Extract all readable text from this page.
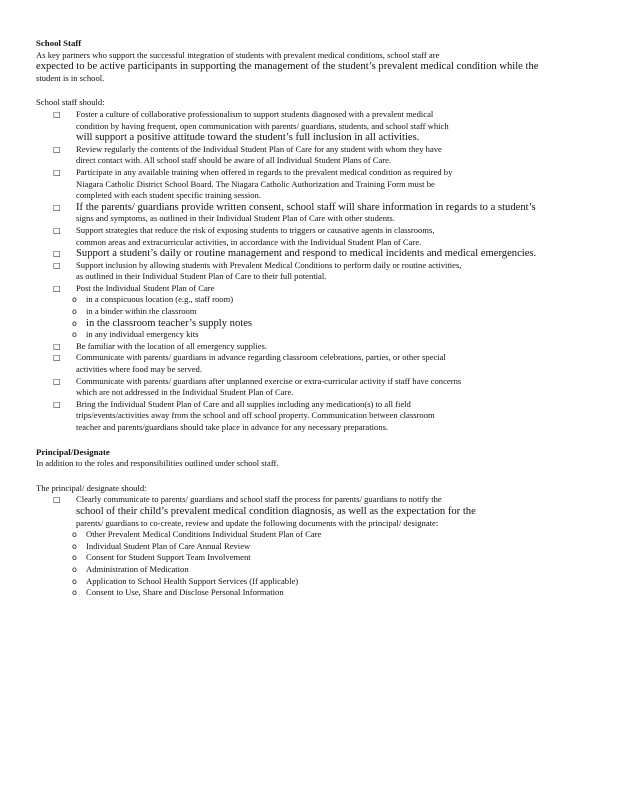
School Staff
As key partners who support the successful integration of students with prevalent medical conditions, school staff are
expected to be active participants in supporting the management of the student’s prevalent medical condition while the
student is in school.
School staff should:
□ Foster a culture of collaborative professionalism to support students diagnosed with a prevalent medical
condition by having frequent, open communication with parents/ guardians, students, and school staff which
will support a positive attitude toward the student’s full inclusion in all activities.
□ Review regularly the contents of the Individual Student Plan of Care for any student with whom they have
direct contact with. All school staff should be aware of all Individual Student Plans of Care.
□ Participate in any available training when offered in regards to the prevalent medical condition as required by
Niagara Catholic District School Board. The Niagara Catholic Authorization and Training Form must be
completed with each student specific training session.
□ If the parents/ guardians provide written consent, school staff will share information in regards to a student’s
signs and symptoms, as outlined in their Individual Student Plan of Care with other students.
□ Support strategies that reduce the risk of exposing students to triggers or causative agents in classrooms,
common areas and extracurricular activities, in accordance with the Individual Student Plan of Care.
□ Support a student’s daily or routine management and respond to medical incidents and medical emergencies.
□ Support inclusion by allowing students with Prevalent Medical Conditions to perform daily or routine activities,
as outlined in their Individual Student Plan of Care to their full potential.
□ Post the Individual Student Plan of Care
o in a conspicuous location (e.g., staff room)
o in a binder within the classroom
o in the classroom teacher’s supply notes
o in any individual emergency kits
□ Be familiar with the location of all emergency supplies.
□ Communicate with parents/ guardians in advance regarding classroom celebrations, parties, or other special
activities where food may be served.
□ Communicate with parents/ guardians after unplanned exercise or extra-curricular activity if staff have concerns
which are not addressed in the Individual Student Plan of Care.
□ Bring the Individual Student Plan of Care and all supplies including any medication(s) to all field
trips/events/activities away from the school and off school property. Communication between classroom
teacher and parents/guardians should take place in advance for any necessary preparations.
Principal/Designate
In addition to the roles and responsibilities outlined under school staff.
The principal/ designate should:
□ Clearly communicate to parents/ guardians and school staff the process for parents/ guardians to notify the
school of their child’s prevalent medical condition diagnosis, as well as the expectation for the
parents/ guardians to co-create, review and update the following documents with the principal/ designate:
o Other Prevalent Medical Conditions Individual Student Plan of Care
o Individual Student Plan of Care Annual Review
o Consent for Student Support Team Involvement
o Administration of Medication
o Application to School Health Support Services (If applicable)
o Consent to Use, Share and Disclose Personal Information
